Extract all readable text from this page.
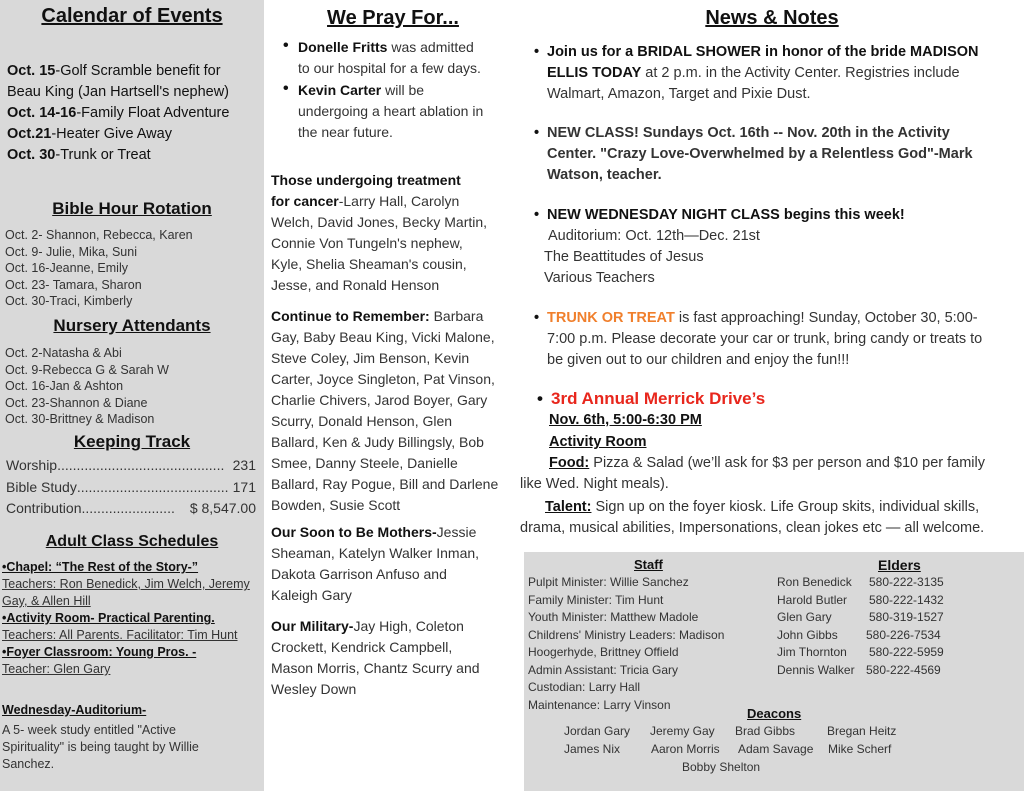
Calendar of Events
Oct. 15-Golf Scramble benefit for
Beau King (Jan Hartsell's nephew)
Oct. 14-16-Family Float Adventure
Oct.21-Heater Give Away
Oct. 30-Trunk or Treat
Bible Hour Rotation
Oct. 2- Shannon, Rebecca, Karen
Oct. 9- Julie, Mika, Suni
Oct. 16-Jeanne, Emily
Oct. 23- Tamara, Sharon
Oct. 30-Traci, Kimberly
Nursery Attendants
Oct. 2-Natasha & Abi
Oct. 9-Rebecca G & Sarah W
Oct. 16-Jan & Ashton
Oct. 23-Shannon & Diane
Oct. 30-Brittney & Madison
Keeping Track
Worship ........................................... 231
Bible Study ....................................... 171
Contribution ........................	$ 8,547.00
Adult Class Schedules
•Chapel: “The Rest of the Story-”
Teachers: Ron Benedick, Jim Welch, Jeremy
Gay, & Allen Hill
•Activity Room- Practical Parenting.
Teachers: All Parents. Facilitator: Tim Hunt
•Foyer Classroom: Young Pros. -
Teacher: Glen Gary
Wednesday-Auditorium-
A 5- week study entitled "Active
Spirituality" is being taught by Willie
Sanchez.
We Pray For...
• Donelle Fritts was admitted
to our hospital for a few days.
• Kevin Carter will be
undergoing a heart ablation in
the near future.
Those undergoing treatment
for cancer-Larry Hall, Carolyn
Welch, David Jones, Becky Martin,
Connie Von Tungeln's nephew,
Kyle, Shelia Sheaman's cousin,
Jesse, and Ronald Henson
Continue to Remember: Barbara
Gay, Baby Beau King, Vicki Malone,
Steve Coley, Jim Benson, Kevin
Carter, Joyce Singleton, Pat Vinson,
Charlie Chivers, Jarod Boyer, Gary
Scurry, Donald Henson, Glen
Ballard, Ken & Judy Billingsly, Bob
Smee, Danny Steele, Danielle
Ballard, Ray Pogue, Bill and Darlene
Bowden, Susie Scott
Our Soon to Be Mothers-Jessie
Sheaman, Katelyn Walker Inman,
Dakota Garrison Anfuso and
Kaleigh Gary
Our Military-Jay High, Coleton
Crockett, Kendrick Campbell,
Mason Morris, Chantz Scurry and
Wesley Down
News & Notes
• Join us for a BRIDAL SHOWER in honor of the bride MADISON
ELLIS TODAY at 2 p.m. in the Activity Center. Registries include
Walmart, Amazon, Target and Pixie Dust.
• NEW CLASS! Sundays Oct. 16th -- Nov. 20th in the Activity
Center. "Crazy Love-Overwhelmed by a Relentless God"-Mark
Watson, teacher.
• NEW WEDNESDAY NIGHT CLASS begins this week!
Auditorium: Oct. 12th—Dec. 21st
The Beattitudes of Jesus
Various Teachers
• TRUNK OR TREAT is fast approaching! Sunday, October 30, 5:00-
7:00 p.m. Please decorate your car or trunk, bring candy or treats to
be given out to our children and enjoy the fun!!!
• 3rd Annual Merrick Drive’s
Nov. 6th, 5:00-6:30 PM
Activity Room
Food: Pizza & Salad (we’ll ask for $3 per person and $10 per family
like Wed. Night meals).
Talent: Sign up on the foyer kiosk. Life Group skits, individual skills,
drama, musical abilities, Impersonations, clean jokes etc — all welcome.
Staff
Pulpit Minister: Willie Sanchez
Family Minister: Tim Hunt
Youth Minister: Matthew Madole
Childrens' Ministry Leaders: Madison
Hoogerhyde, Brittney Offield
Admin Assistant: Tricia Gary
Custodian: Larry Hall
Maintenance: Larry Vinson
Elders
Ron Benedick 580-222-3135
Harold Butler 580-222-1432
Glen Gary	580-319-1527
John Gibbs 580-226-7534
Jim Thornton 580-222-5959
Dennis Walker 580-222-4569
Deacons
Jordan Gary Jeremy Gay Brad Gibbs	Bregan Heitz
James Nix	Aaron Morris Adam Savage Mike Scherf
Bobby Shelton
